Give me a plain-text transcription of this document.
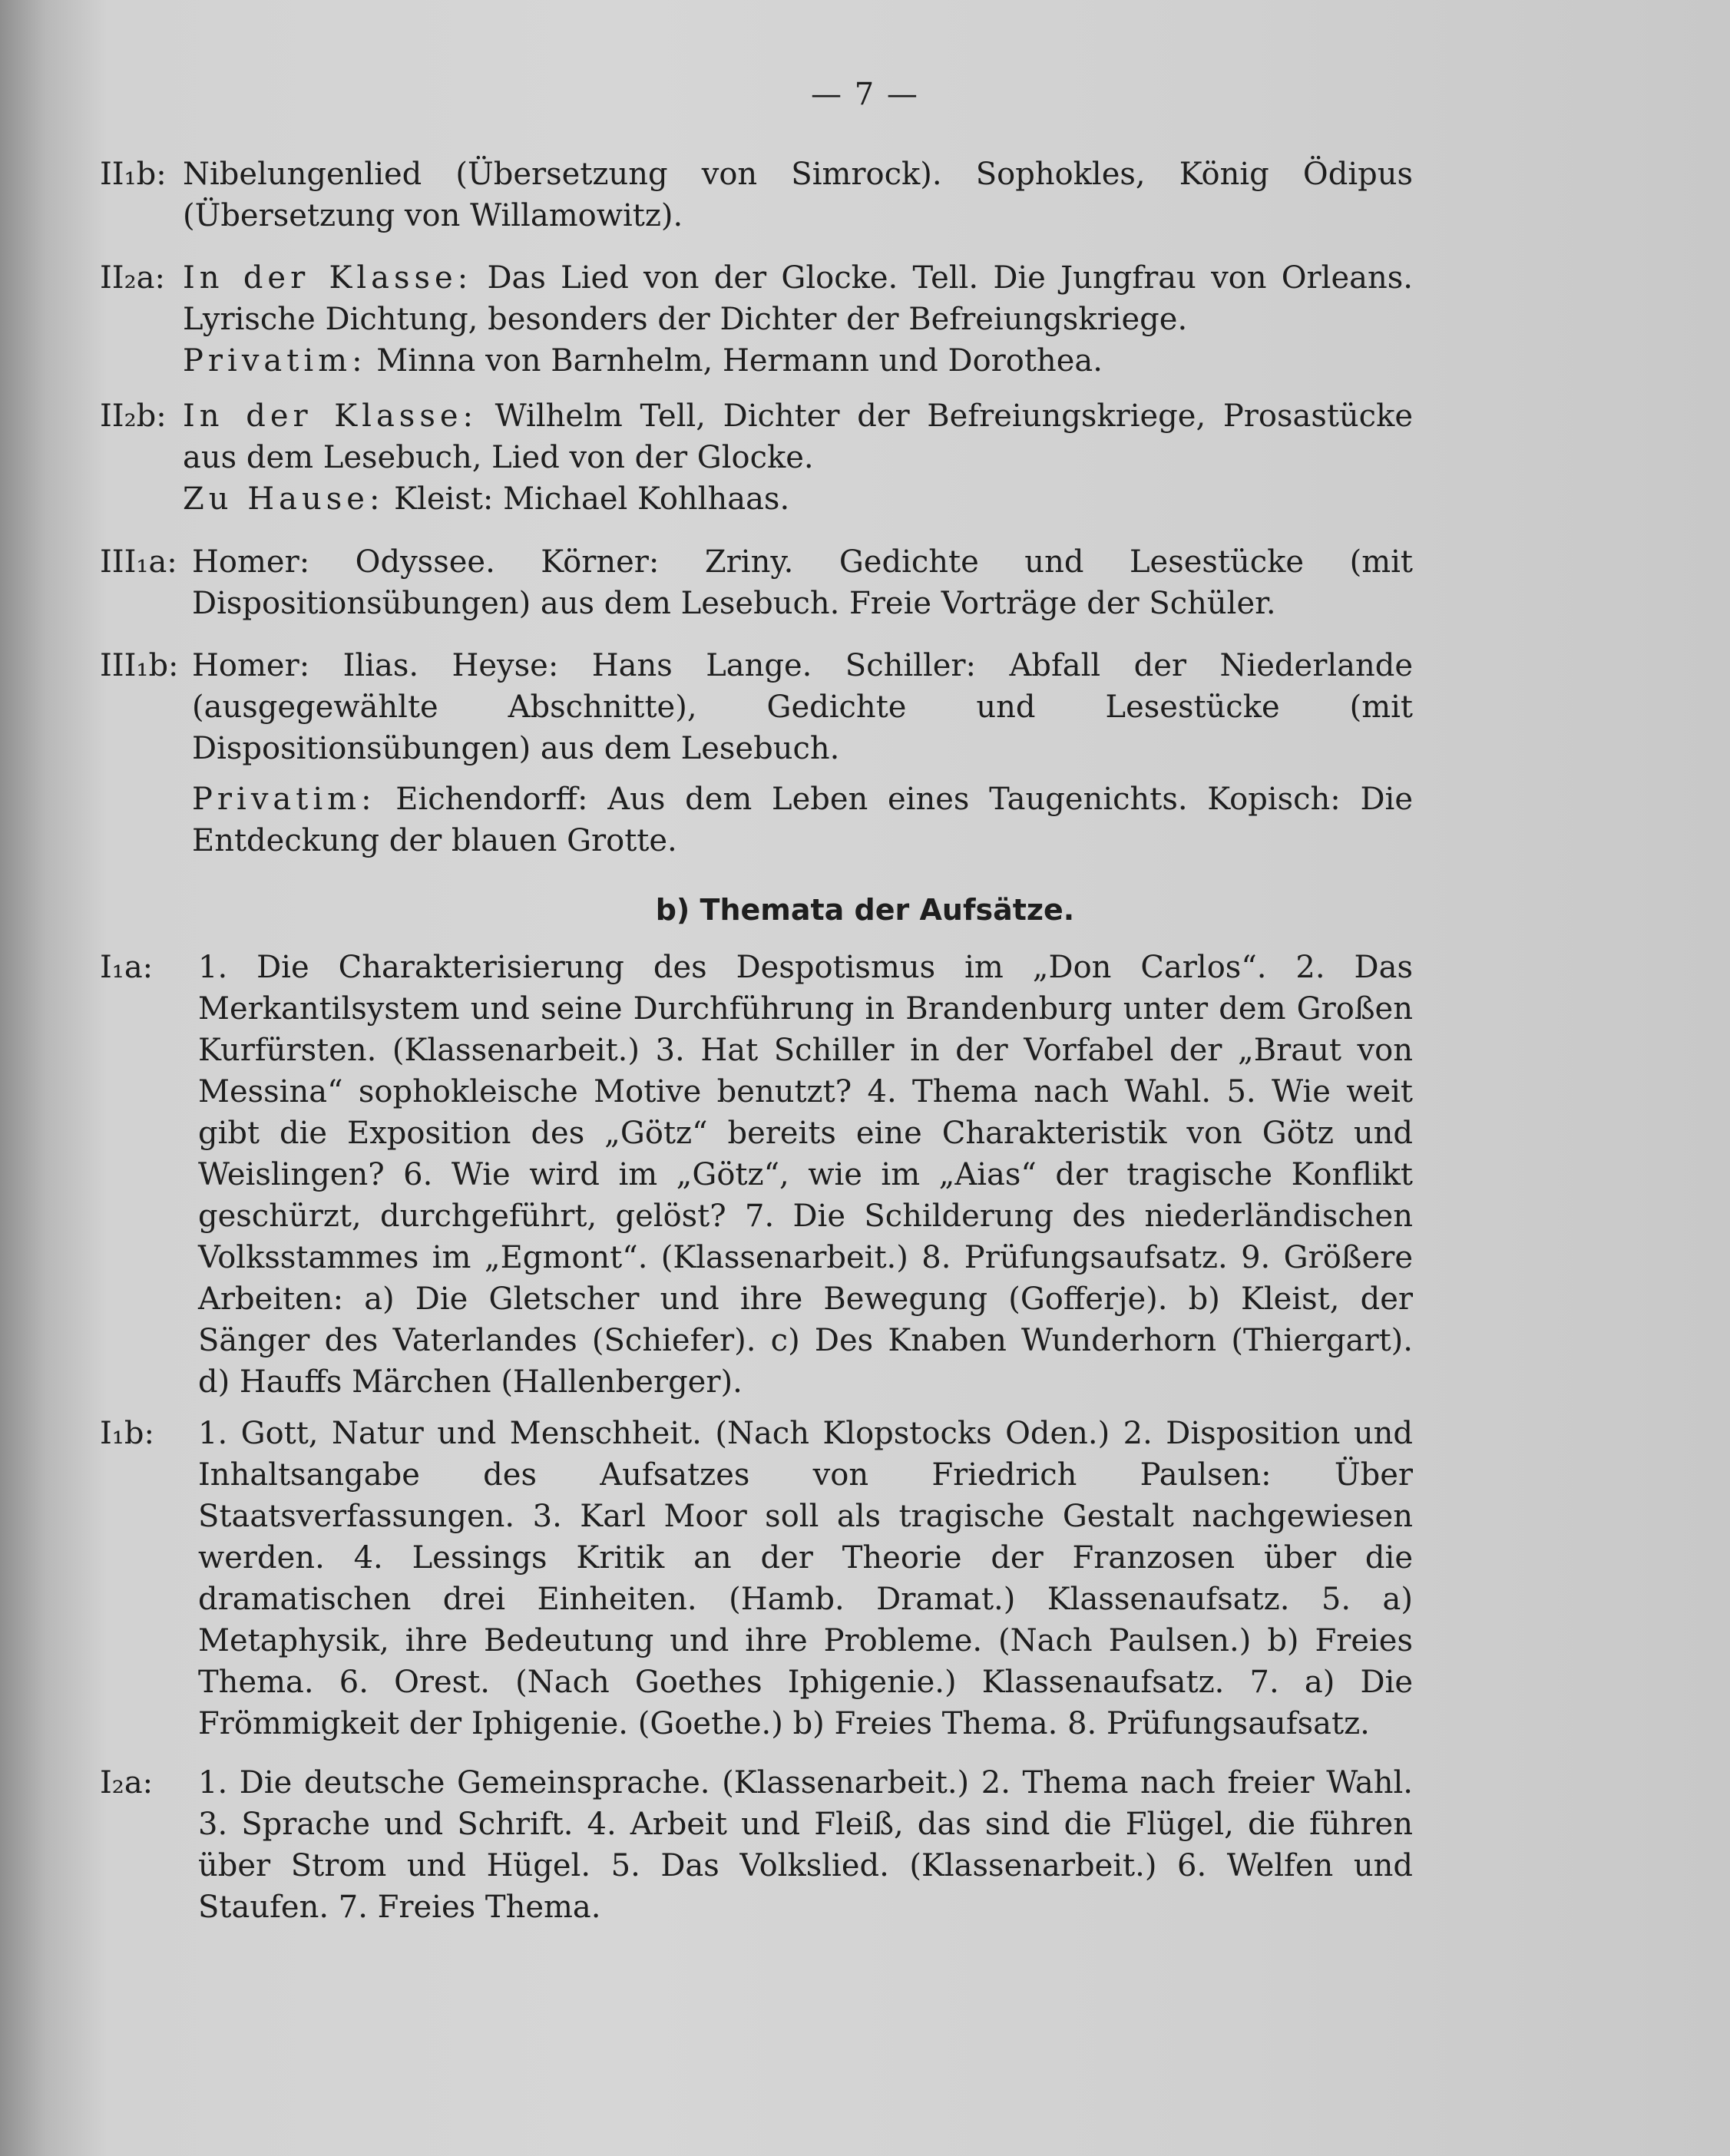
— 7 —
II₁b: Nibelungenlied (Übersetzung von Simrock). Sophokles, König Ödipus (Übersetzung von Willamowitz).

II₂a: In der Klasse: Das Lied von der Glocke. Tell. Die Jungfrau von Orleans. Lyrische Dichtung, besonders der Dichter der Befreiungskriege.

Privatim: Minna von Barnhelm, Hermann und Dorothea.

II₂b: In der Klasse: Wilhelm Tell, Dichter der Befreiungskriege, Prosastücke aus dem Lesebuch, Lied von der Glocke.

Zu Hause: Kleist: Michael Kohlhaas.

III₁a: Homer: Odyssee. Körner: Zriny. Gedichte und Lesestücke (mit Dispositionsübungen) aus dem Lesebuch. Freie Vorträge der Schüler.

III₁b: Homer: Ilias. Heyse: Hans Lange. Schiller: Abfall der Niederlande (ausgegewählte Abschnitte), Gedichte und Lesestücke (mit Dispositionsübungen) aus dem Lesebuch.

Privatim: Eichendorff: Aus dem Leben eines Taugenichts. Kopisch: Die Entdeckung der blauen Grotte.

b) Themata der Aufsätze.
I₁a:	1. Die Charakterisierung des Despotismus im „Don Carlos“. 2. Das Merkantilsystem und seine Durchführung in Brandenburg unter dem Großen Kurfürsten. (Klassenarbeit.) 3. Hat Schiller in der Vorfabel der „Braut von Messina“ sophokleische Motive benutzt? 4. Thema nach Wahl. 5. Wie weit gibt die Exposition des „Götz“ bereits eine Charakteristik von Götz und Weislingen? 6. Wie wird im „Götz“, wie im „Aias“ der tragische Konflikt geschürzt, durchgeführt, gelöst? 7. Die Schilderung des niederländischen Volksstammes im „Egmont“. (Klassenarbeit.) 8. Prüfungsaufsatz. 9. Größere Arbeiten: a) Die Gletscher und ihre Bewegung (Gofferje). b) Kleist, der Sänger des Vaterlandes (Schiefer). c) Des Knaben Wunderhorn (Thiergart). d) Hauffs Märchen (Hallenberger).

I₁b:	1. Gott, Natur und Menschheit. (Nach Klopstocks Oden.) 2. Disposition und Inhaltsangabe des Aufsatzes von Friedrich Paulsen: Über Staatsverfassungen. 3. Karl Moor soll als tragische Gestalt nachgewiesen werden. 4. Lessings Kritik an der Theorie der Franzosen über die dramatischen drei Einheiten. (Hamb. Dramat.) Klassenaufsatz. 5. a) Metaphysik, ihre Bedeutung und ihre Probleme. (Nach Paulsen.) b) Freies Thema. 6. Orest. (Nach Goethes Iphigenie.) Klassenaufsatz. 7. a) Die Frömmigkeit der Iphigenie. (Goethe.) b) Freies Thema. 8. Prüfungsaufsatz.

I₂a:	1. Die deutsche Gemeinsprache. (Klassenarbeit.) 2. Thema nach freier Wahl. 3. Sprache und Schrift. 4. Arbeit und Fleiß, das sind die Flügel, die führen über Strom und Hügel. 5. Das Volkslied. (Klassenarbeit.) 6. Welfen und Staufen. 7. Freies Thema.
